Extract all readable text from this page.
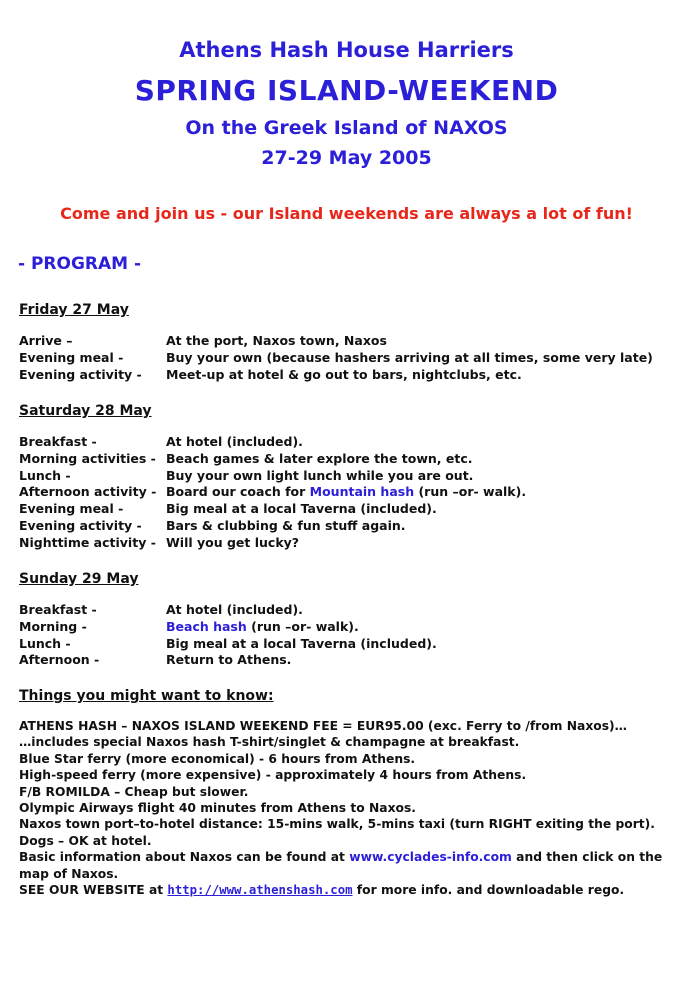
Athens Hash House Harriers
SPRING ISLAND-WEEKEND
On the Greek Island of NAXOS
27-29 May 2005
Come and join us - our Island weekends are always a lot of fun!
- PROGRAM -
Friday 27 May
Arrive –	At the port, Naxos town, Naxos
Evening meal -	Buy your own (because hashers arriving at all times, some very late)
Evening activity - Meet-up at hotel & go out to bars, nightclubs, etc.
Saturday 28 May
Breakfast -	At hotel (included).
Morning activities - Beach games & later explore the town, etc.
Lunch -	Buy your own light lunch while you are out.
Afternoon activity - Board our coach for Mountain hash (run –or- walk).
Evening meal -	Big meal at a local Taverna (included).
Evening activity - Bars & clubbing & fun stuff again.
Nighttime activity - Will you get lucky?
Sunday 29 May
Breakfast -	At hotel (included).
Morning -	Beach hash (run –or- walk).
Lunch -	Big meal at a local Taverna (included).
Afternoon -	Return to Athens.
Things you might want to know:
ATHENS HASH – NAXOS ISLAND WEEKEND FEE = EUR95.00 (exc. Ferry to /from Naxos)…
…includes special Naxos hash T-shirt/singlet & champagne at breakfast.
Blue Star ferry (more economical) - 6 hours from Athens.
High-speed ferry (more expensive) - approximately 4 hours from Athens.
F/B ROMILDA – Cheap but slower.
Olympic Airways flight 40 minutes from Athens to Naxos.
Naxos town port–to-hotel distance: 15-mins walk, 5-mins taxi (turn RIGHT exiting the port).
Dogs – OK at hotel.
Basic information about Naxos can be found at www.cyclades-info.com and then click on the map of Naxos.
SEE OUR WEBSITE at http://www.athenshash.com for more info. and downloadable rego.
